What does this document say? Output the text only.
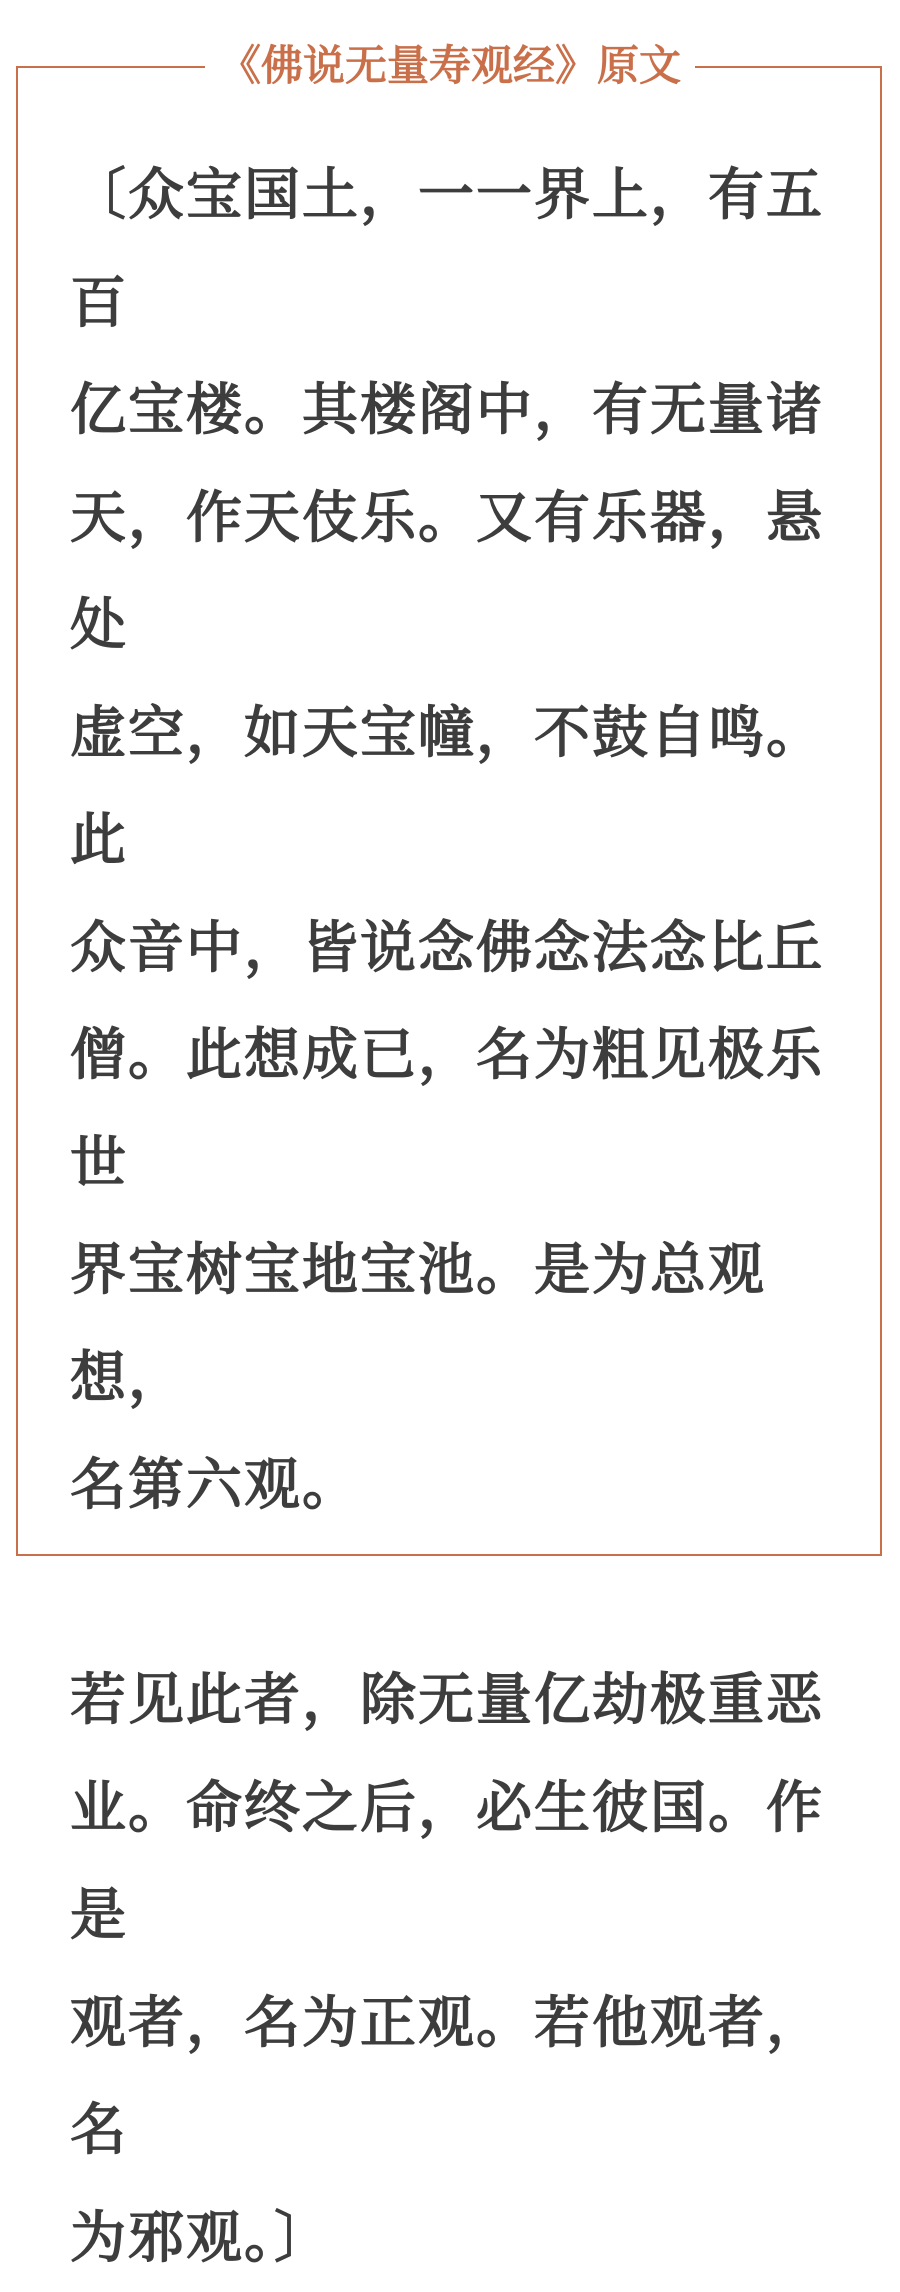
《佛说无量寿观经》原文

〔众宝国土，一一界上，有五百
亿宝楼。其楼阁中，有无量诸
天，作天伎乐。又有乐器，悬处
虚空，如天宝幢，不鼓自鸣。此
众音中，皆说念佛念法念比丘
僧。此想成已，名为粗见极乐世
界宝树宝地宝池。是为总观想，
名第六观。

若见此者，除无量亿劫极重恶
业。命终之后，必生彼国。作是
观者，名为正观。若他观者，名
为邪观。〕
